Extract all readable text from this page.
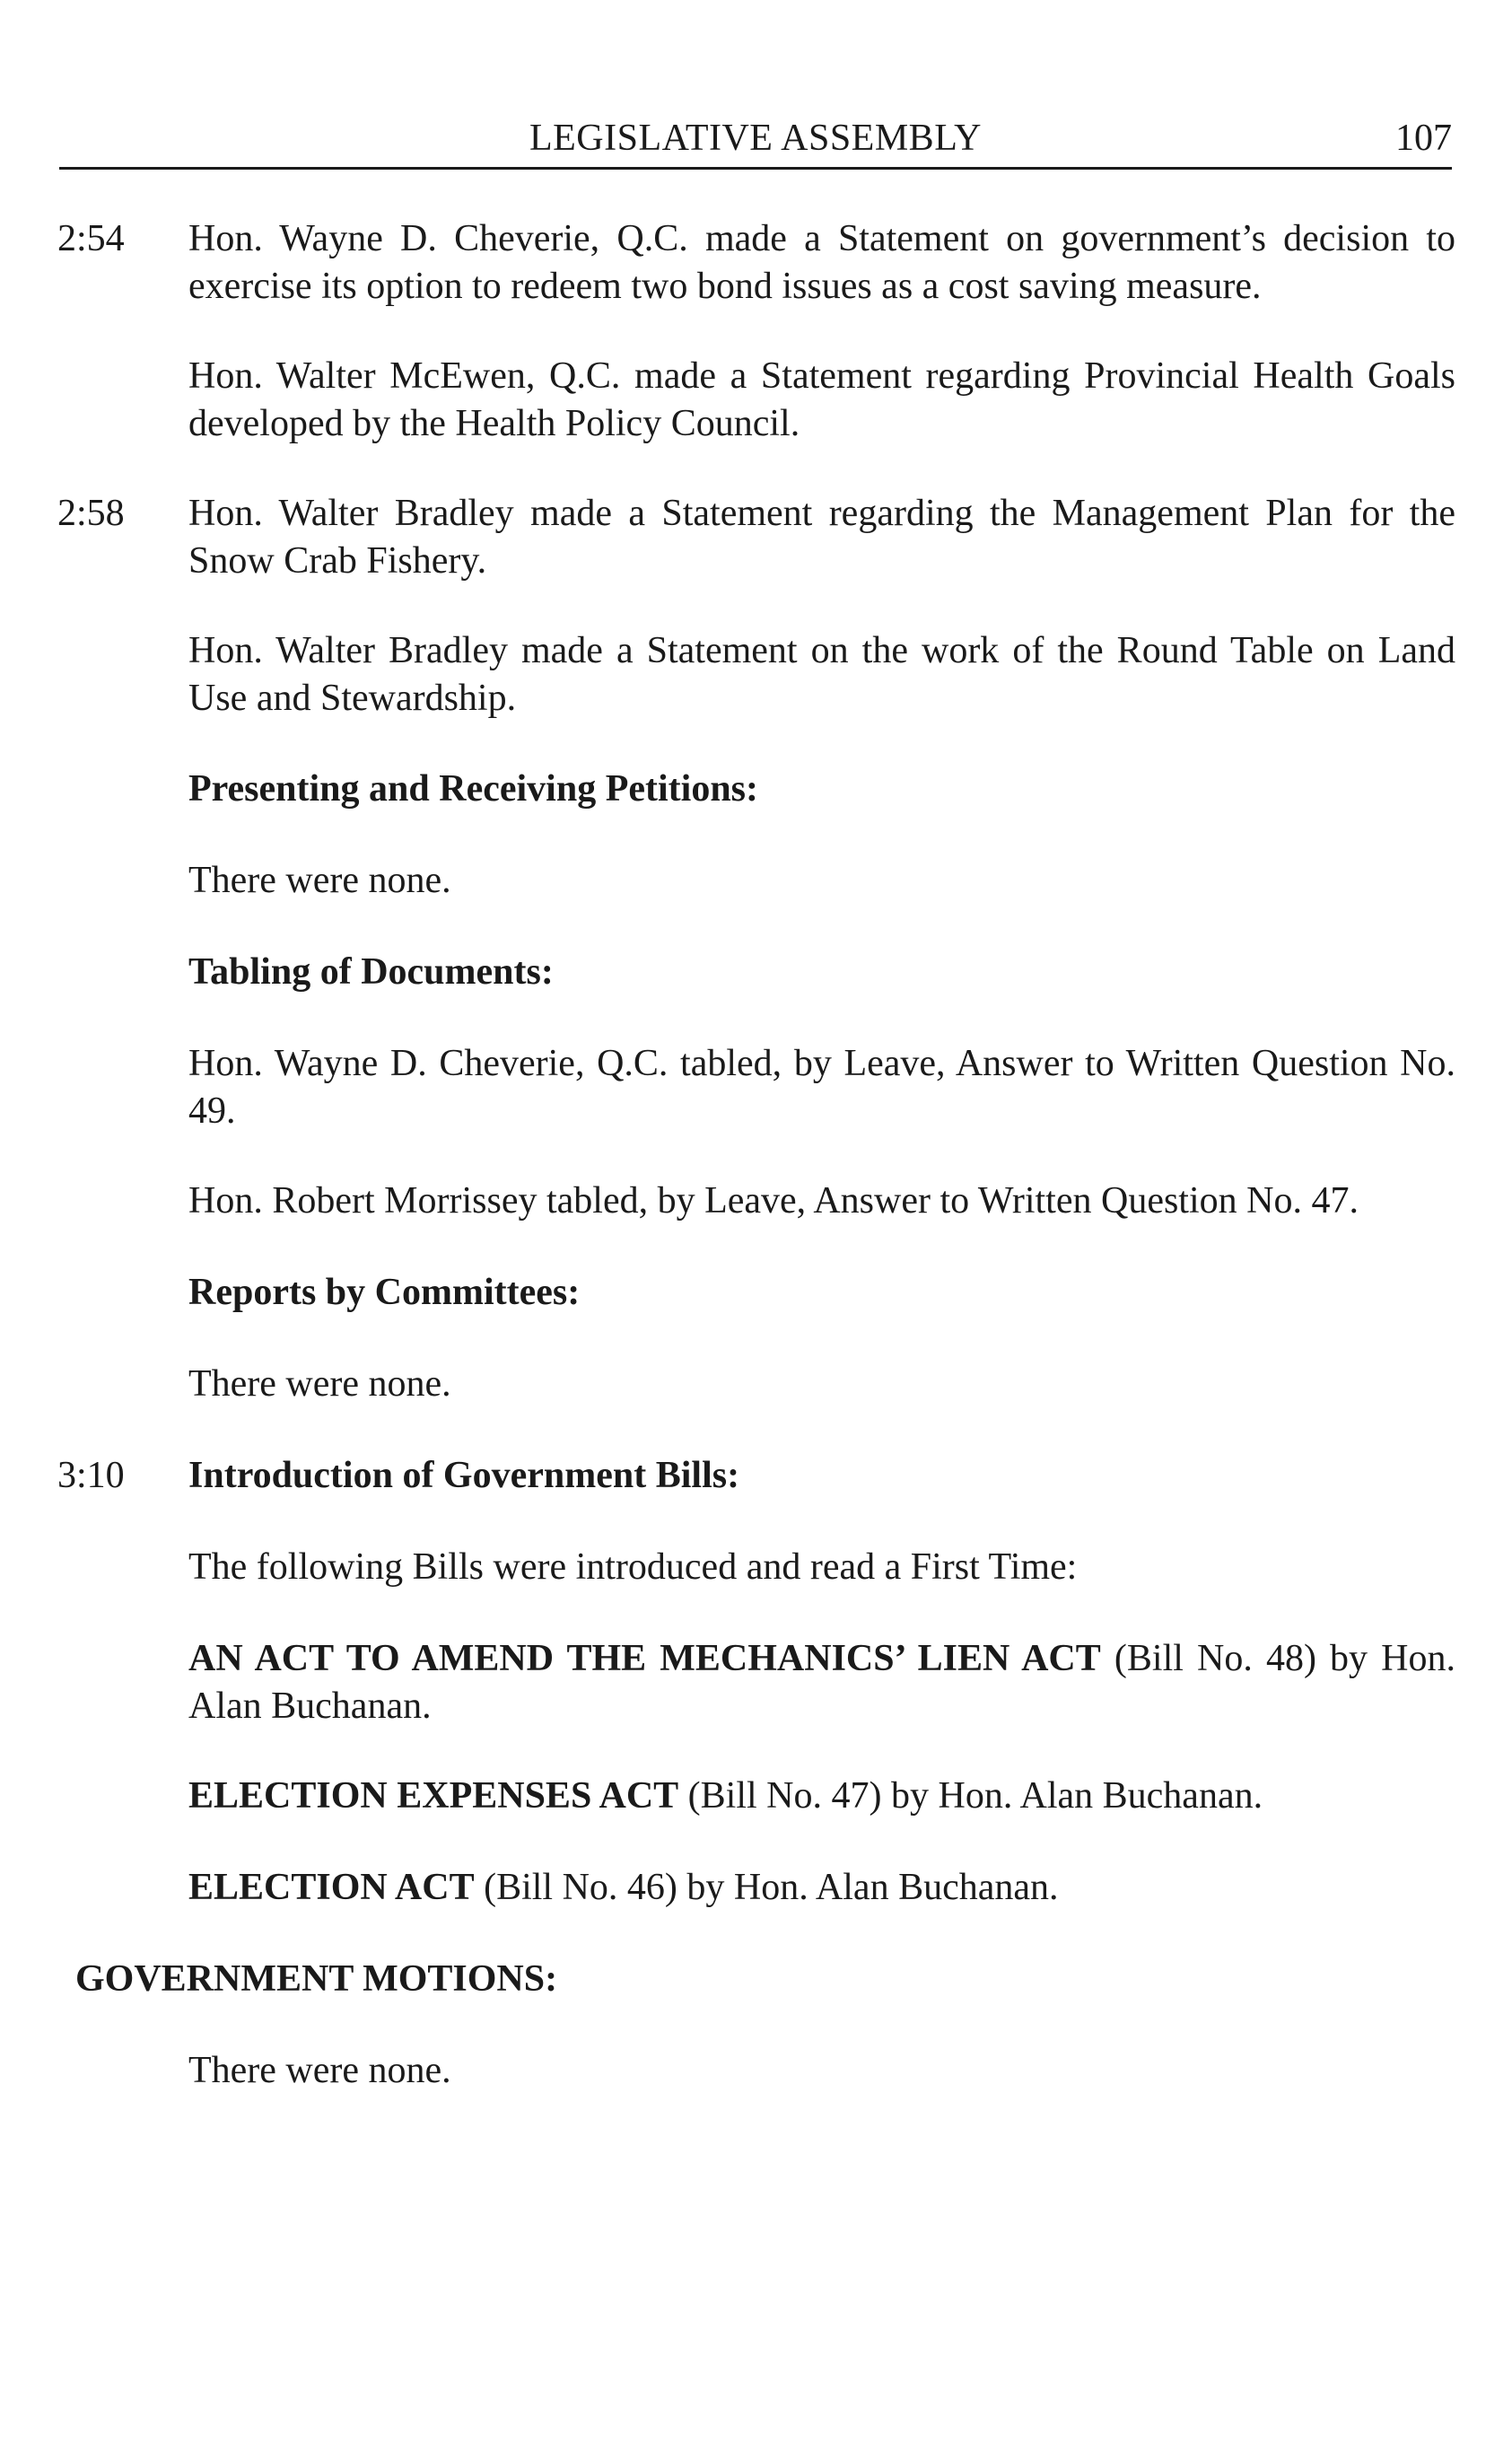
LEGISLATIVE ASSEMBLY	107
2:54	Hon. Wayne D. Cheverie, Q.C. made a Statement on government’s decision to exercise its option to redeem two bond issues as a cost saving measure.
Hon. Walter McEwen, Q.C. made a Statement regarding Provincial Health Goals developed by the Health Policy Council.
2:58	Hon. Walter Bradley made a Statement regarding the Management Plan for the Snow Crab Fishery.
Hon. Walter Bradley made a Statement on the work of the Round Table on Land Use and Stewardship.
Presenting and Receiving Petitions:
There were none.
Tabling of Documents:
Hon. Wayne D. Cheverie, Q.C. tabled, by Leave, Answer to Written Question No. 49.
Hon. Robert Morrissey tabled, by Leave, Answer to Written Question No. 47.
Reports by Committees:
There were none.
3:10	Introduction of Government Bills:
The following Bills were introduced and read a First Time:
AN ACT TO AMEND THE MECHANICS’ LIEN ACT (Bill No. 48) by Hon. Alan Buchanan.
ELECTION EXPENSES ACT (Bill No. 47) by Hon. Alan Buchanan.
ELECTION ACT (Bill No. 46) by Hon. Alan Buchanan.
GOVERNMENT MOTIONS:
There were none.
